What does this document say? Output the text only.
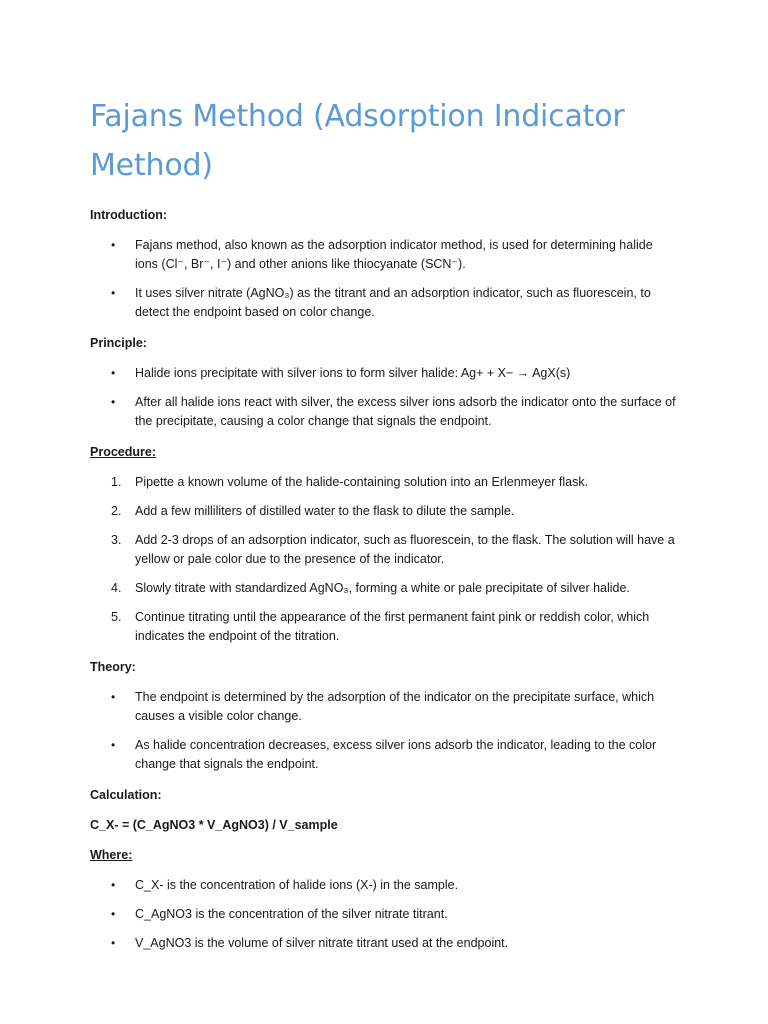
Fajans Method (Adsorption Indicator Method)
Introduction:
• Fajans method, also known as the adsorption indicator method, is used for determining halide ions (Cl⁻, Br⁻, I⁻) and other anions like thiocyanate (SCN⁻).
• It uses silver nitrate (AgNO₃) as the titrant and an adsorption indicator, such as fluorescein, to detect the endpoint based on color change.
Principle:
• Halide ions precipitate with silver ions to form silver halide: Ag+ + X− → AgX(s)
• After all halide ions react with silver, the excess silver ions adsorb the indicator onto the surface of the precipitate, causing a color change that signals the endpoint.
Procedure:
1. Pipette a known volume of the halide-containing solution into an Erlenmeyer flask.
2. Add a few milliliters of distilled water to the flask to dilute the sample.
3. Add 2-3 drops of an adsorption indicator, such as fluorescein, to the flask. The solution will have a yellow or pale color due to the presence of the indicator.
4. Slowly titrate with standardized AgNO₃, forming a white or pale precipitate of silver halide.
5. Continue titrating until the appearance of the first permanent faint pink or reddish color, which indicates the endpoint of the titration.
Theory:
• The endpoint is determined by the adsorption of the indicator on the precipitate surface, which causes a visible color change.
• As halide concentration decreases, excess silver ions adsorb the indicator, leading to the color change that signals the endpoint.
Calculation:
C_X- = (C_AgNO3 * V_AgNO3) / V_sample
Where:
• C_X- is the concentration of halide ions (X-) in the sample.
• C_AgNO3 is the concentration of the silver nitrate titrant.
• V_AgNO3 is the volume of silver nitrate titrant used at the endpoint.
